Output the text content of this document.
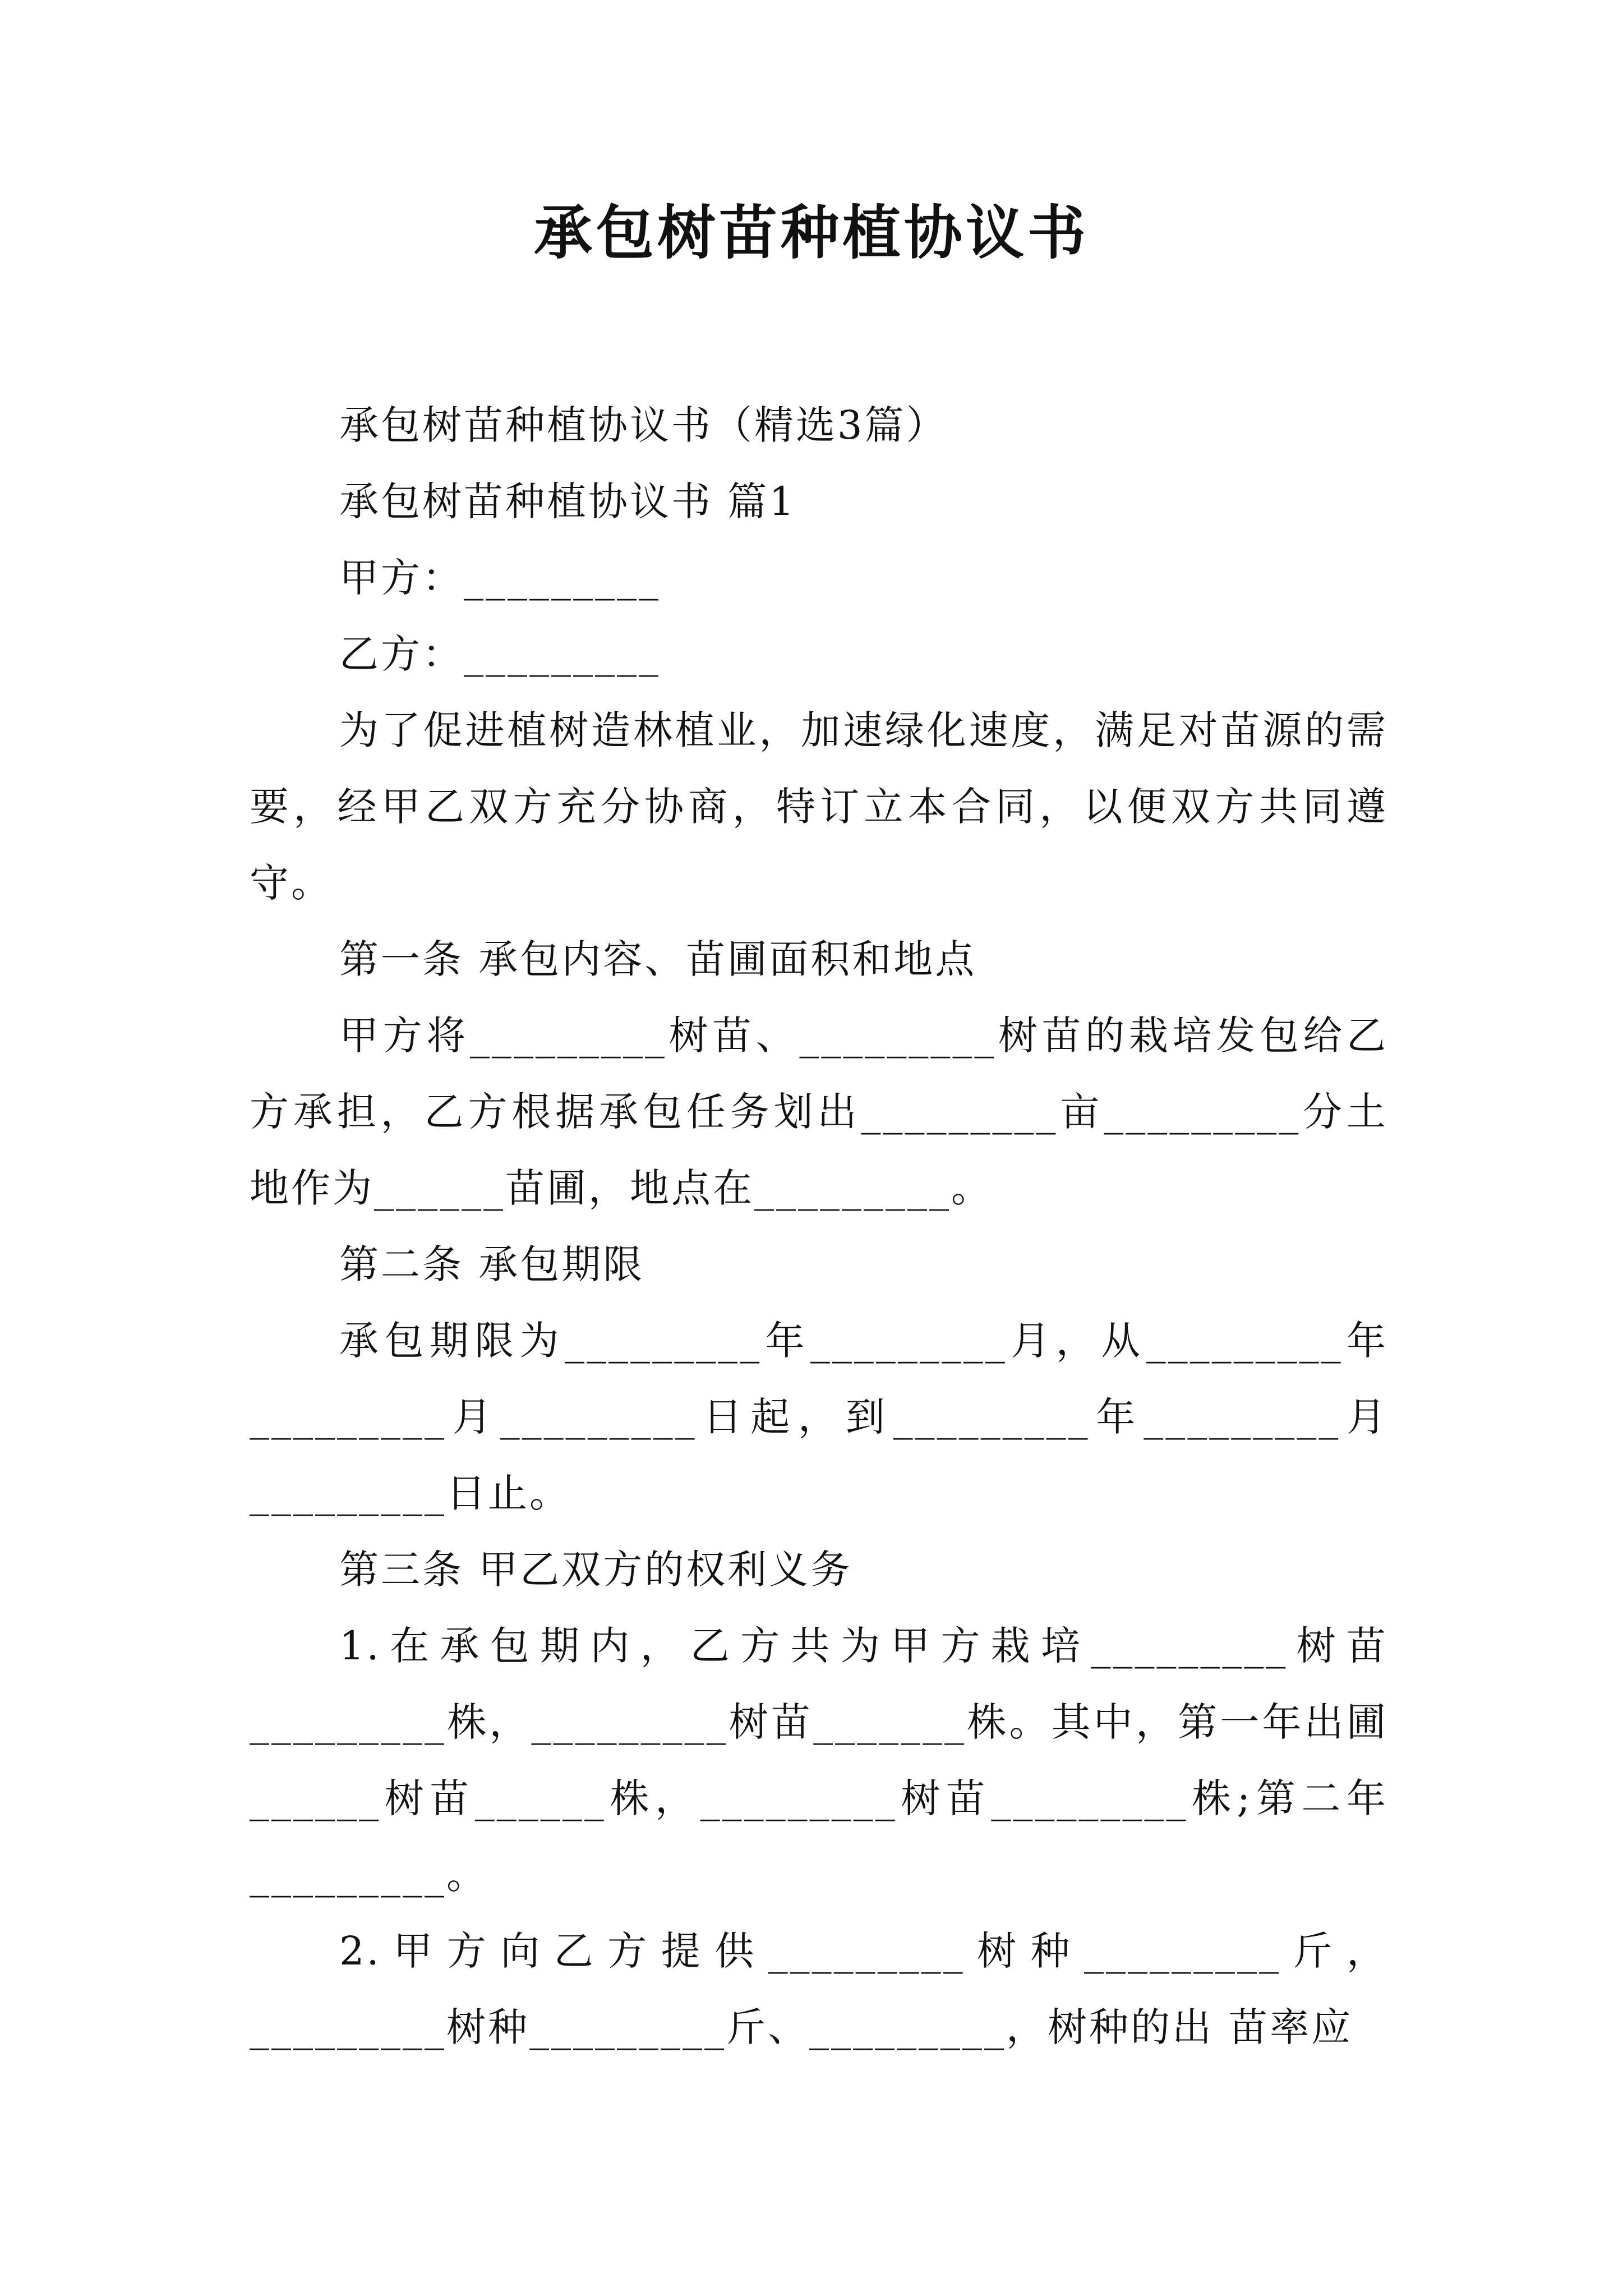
承包树苗种植协议书

承包树苗种植协议书（精选3篇）

承包树苗种植协议书 篇1

甲方：_________

乙方：_________

为了促进植树造林植业，加速绿化速度，满足对苗源的需要，经甲乙双方充分协商，特订立本合同，以便双方共同遵守。

第一条 承包内容、苗圃面积和地点

甲方将_________树苗、_________树苗的栽培发包给乙方承担，乙方根据承包任务划出_________亩_________分土地作为______苗圃，地点在_________。

第二条 承包期限

承包期限为_________年_________月，从_________年_________月_________日起，到_________年_________月_________日止。

第三条 甲乙双方的权利义务

1.在承包期内，乙方共为甲方栽培_________树苗_________株，_________树苗_______株。其中，第一年出圃______树苗______株，_________树苗_________株;第二年_________。

2.甲方向乙方提供_________树种_________斤，_________树种_________斤、_________，树种的出 苗率应
